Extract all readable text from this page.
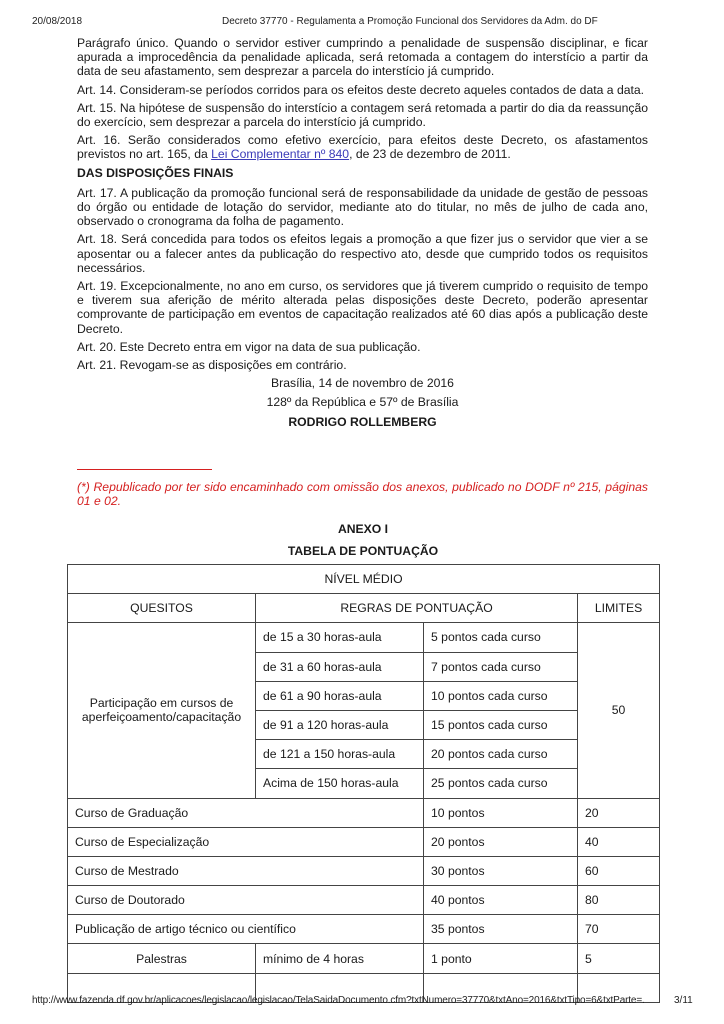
20/08/2018	Decreto 37770 - Regulamenta a Promoção Funcional dos Servidores da Adm. do DF

Parágrafo único. Quando o servidor estiver cumprindo a penalidade de suspensão disciplinar, e ficar apurada a improcedência da penalidade aplicada, será retomada a contagem do interstício a partir da data de seu afastamento, sem desprezar a parcela do interstício já cumprido.

Art. 14. Consideram-se períodos corridos para os efeitos deste decreto aqueles contados de data a data.

Art. 15. Na hipótese de suspensão do interstício a contagem será retomada a partir do dia da reassunção do exercício, sem desprezar a parcela do interstício já cumprido.

Art. 16. Serão considerados como efetivo exercício, para efeitos deste Decreto, os afastamentos previstos no art. 165, da Lei Complementar nº 840, de 23 de dezembro de 2011.

DAS DISPOSIÇÕES FINAIS

Art. 17. A publicação da promoção funcional será de responsabilidade da unidade de gestão de pessoas do órgão ou entidade de lotação do servidor, mediante ato do titular, no mês de julho de cada ano, observado o cronograma da folha de pagamento.

Art. 18. Será concedida para todos os efeitos legais a promoção a que fizer jus o servidor que vier a se aposentar ou a falecer antes da publicação do respectivo ato, desde que cumprido todos os requisitos necessários.

Art. 19. Excepcionalmente, no ano em curso, os servidores que já tiverem cumprido o requisito de tempo e tiverem sua aferição de mérito alterada pelas disposições deste Decreto, poderão apresentar comprovante de participação em eventos de capacitação realizados até 60 dias após a publicação deste Decreto.

Art. 20. Este Decreto entra em vigor na data de sua publicação.

Art. 21. Revogam-se as disposições em contrário.

Brasília, 14 de novembro de 2016

128º da República e 57º de Brasília

RODRIGO ROLLEMBERG

(*) Republicado por ter sido encaminhado com omissão dos anexos, publicado no DODF nº 215, páginas 01 e 02.

ANEXO I
TABELA DE PONTUAÇÃO
NÍVEL MÉDIO			
QUESITOS	REGRAS DE PONTUAÇÃO		LIMITES
Participação em cursos de aperfeiçoamento/capacitação	de 15 a 30 horas-aula	5 pontos cada curso	50
	de 31 a 60 horas-aula	7 pontos cada curso	
	de 61 a 90 horas-aula	10 pontos cada curso	
	de 91 a 120 horas-aula	15 pontos cada curso	
	de 121 a 150 horas-aula	20 pontos cada curso	
	Acima de 150 horas-aula	25 pontos cada curso	
Curso de Graduação		10 pontos	20
Curso de Especialização		20 pontos	40
Curso de Mestrado		30 pontos	60
Curso de Doutorado		40 pontos	80
Publicação de artigo técnico ou científico		35 pontos	70
Palestras	mínimo de 4 horas	1 ponto	5

http://www.fazenda.df.gov.br/aplicacoes/legislacao/legislacao/TelaSaidaDocumento.cfm?txtNumero=37770&txtAno=2016&txtTipo=6&txtParte=.	3/11
